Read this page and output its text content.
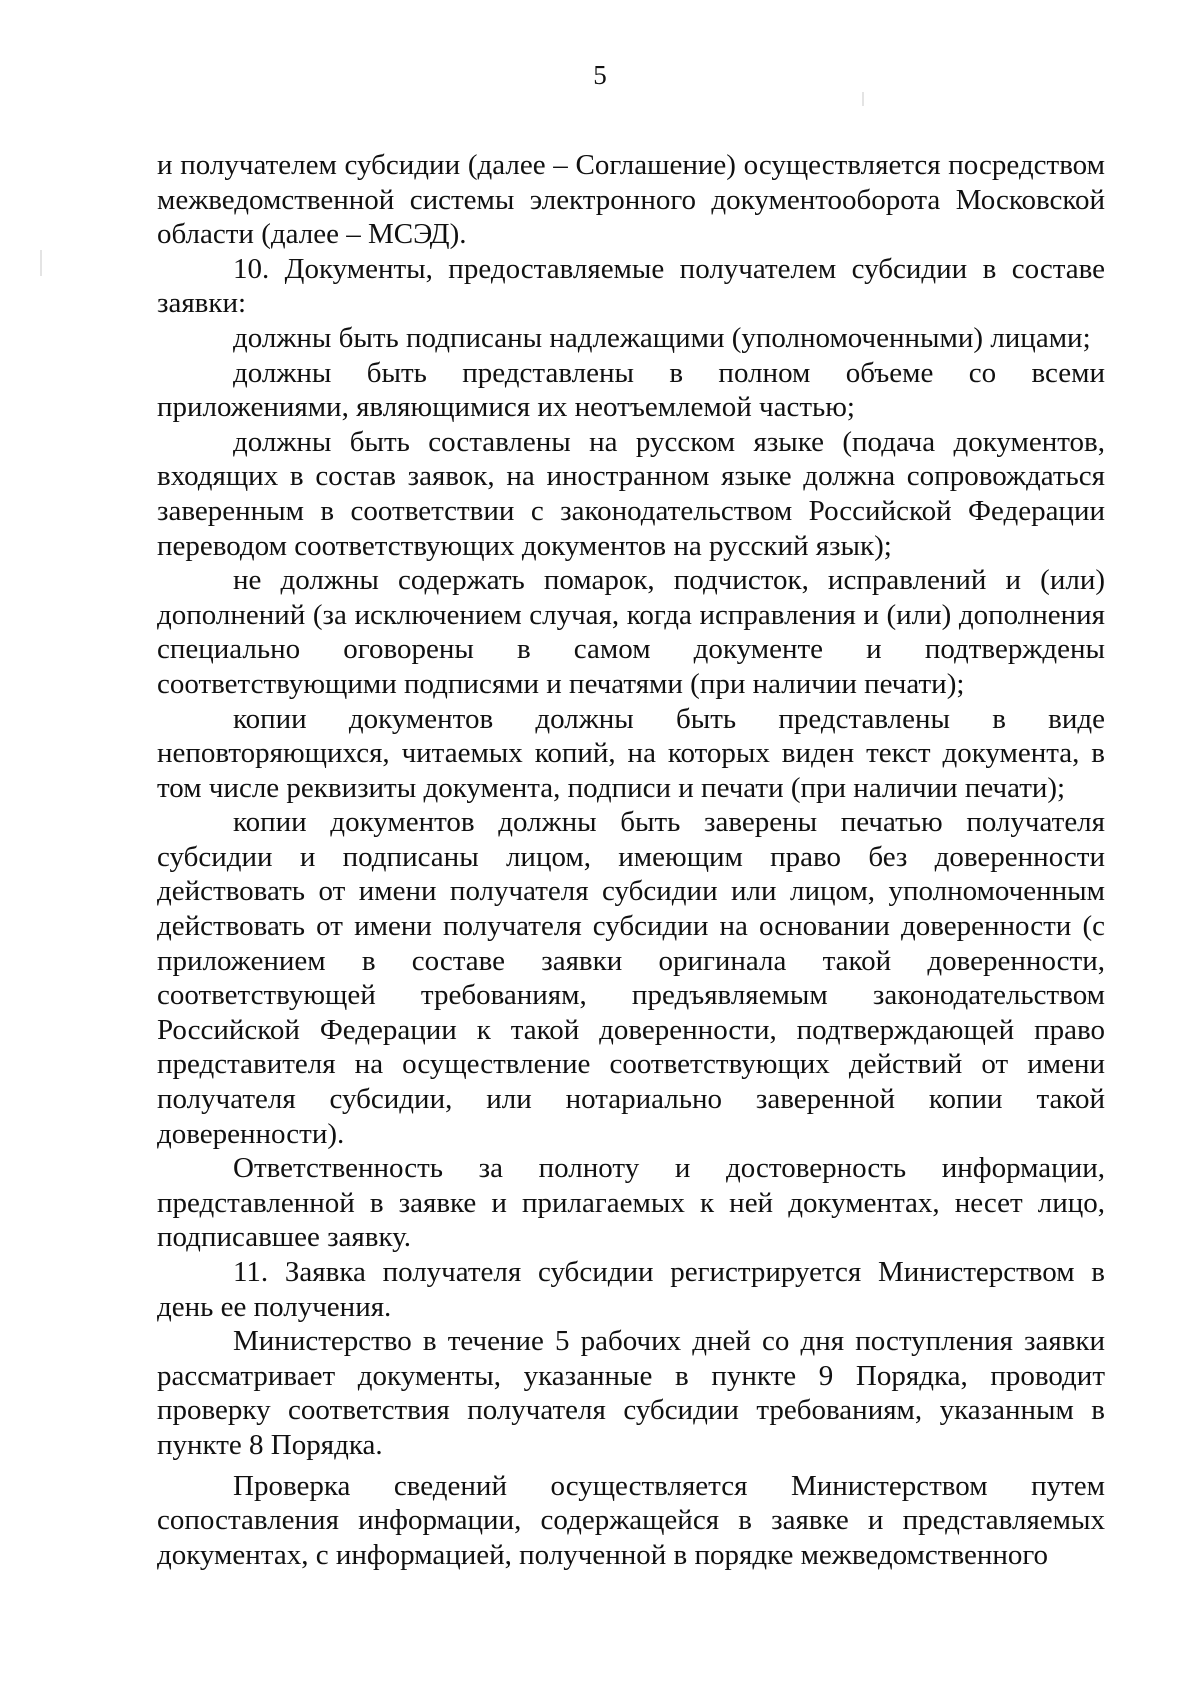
5

и получателем субсидии (далее – Соглашение) осуществляется посредством межведомственной системы электронного документооборота Московской области (далее – МСЭД).

10. Документы, предоставляемые получателем субсидии в составе заявки:

должны быть подписаны надлежащими (уполномоченными) лицами;

должны быть представлены в полном объеме со всеми приложениями, являющимися их неотъемлемой частью;

должны быть составлены на русском языке (подача документов, входящих в состав заявок, на иностранном языке должна сопровождаться заверенным в соответствии с законодательством Российской Федерации переводом соответствующих документов на русский язык);

не должны содержать помарок, подчисток, исправлений и (или) дополнений (за исключением случая, когда исправления и (или) дополнения специально оговорены в самом документе и подтверждены соответствующими подписями и печатями (при наличии печати);

копии документов должны быть представлены в виде неповторяющихся, читаемых копий, на которых виден текст документа, в том числе реквизиты документа, подписи и печати (при наличии печати);

копии документов должны быть заверены печатью получателя субсидии и подписаны лицом, имеющим право без доверенности действовать от имени получателя субсидии или лицом, уполномоченным действовать от имени получателя субсидии на основании доверенности (с приложением в составе заявки оригинала такой доверенности, соответствующей требованиям, предъявляемым законодательством Российской Федерации к такой доверенности, подтверждающей право представителя на осуществление соответствующих действий от имени получателя субсидии, или нотариально заверенной копии такой доверенности).

Ответственность за полноту и достоверность информации, представленной в заявке и прилагаемых к ней документах, несет лицо, подписавшее заявку.

11. Заявка получателя субсидии регистрируется Министерством в день ее получения.

Министерство в течение 5 рабочих дней со дня поступления заявки рассматривает документы, указанные в пункте 9 Порядка, проводит проверку соответствия получателя субсидии требованиям, указанным в пункте 8 Порядка.

Проверка сведений осуществляется Министерством путем сопоставления информации, содержащейся в заявке и представляемых документах, с информацией, полученной в порядке межведомственного
